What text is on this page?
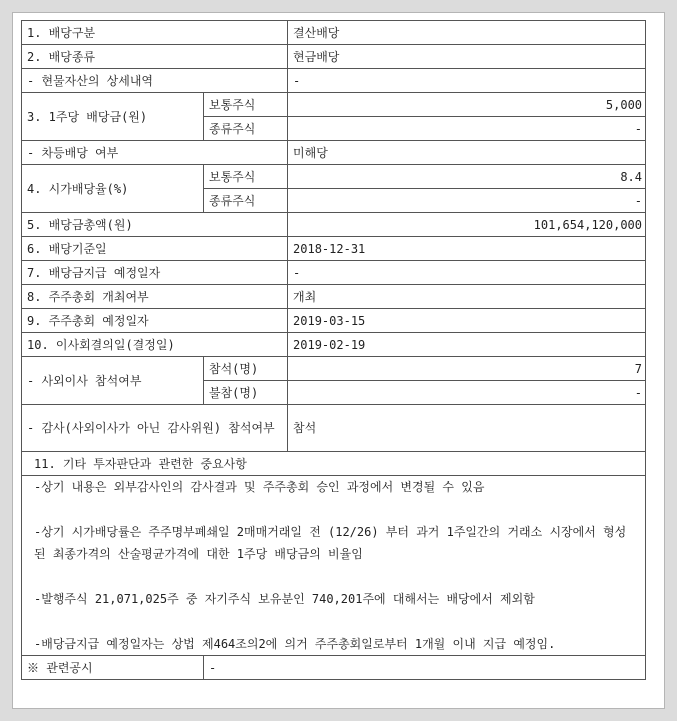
1. 배당구분		결산배당
2. 배당종류		현금배당
- 현물자산의 상세내역		-
3. 1주당 배당금(원)	보통주식	5,000
	종류주식	-
- 차등배당 여부		미해당
4. 시가배당율(%)	보통주식	8.4
	종류주식	-
5. 배당금총액(원)		101,654,120,000
6. 배당기준일		2018-12-31
7. 배당금지급 예정일자		-
8. 주주총회 개최여부		개최
9. 주주총회 예정일자		2019-03-15
10. 이사회결의일(결정일)		2019-02-19
- 사외이사 참석여부	참석(명)	7
	불참(명)	-
- 감사(사외이사가 아닌 감사위원) 참석여부		참석
11. 기타 투자판단과 관련한 중요사항		

-상기 내용은 외부감사인의 감사결과 및 주주총회 승인 과정에서 변경될 수 있음

-상기 시가배당률은 주주명부폐쇄일 2매매거래일 전 (12/26) 부터 과거 1주일간의 거래소 시장에서 형성된 최종가격의 산술평균가격에 대한 1주당 배당금의 비율임

-발행주식 21,071,025주 중 자기주식 보유분인 740,201주에 대해서는 배당에서 제외함

-배당금지급 예정일자는 상법 제464조의2에 의거 주주총회일로부터 1개월 이내 지급 예정임.		

※ 관련공시	-	
